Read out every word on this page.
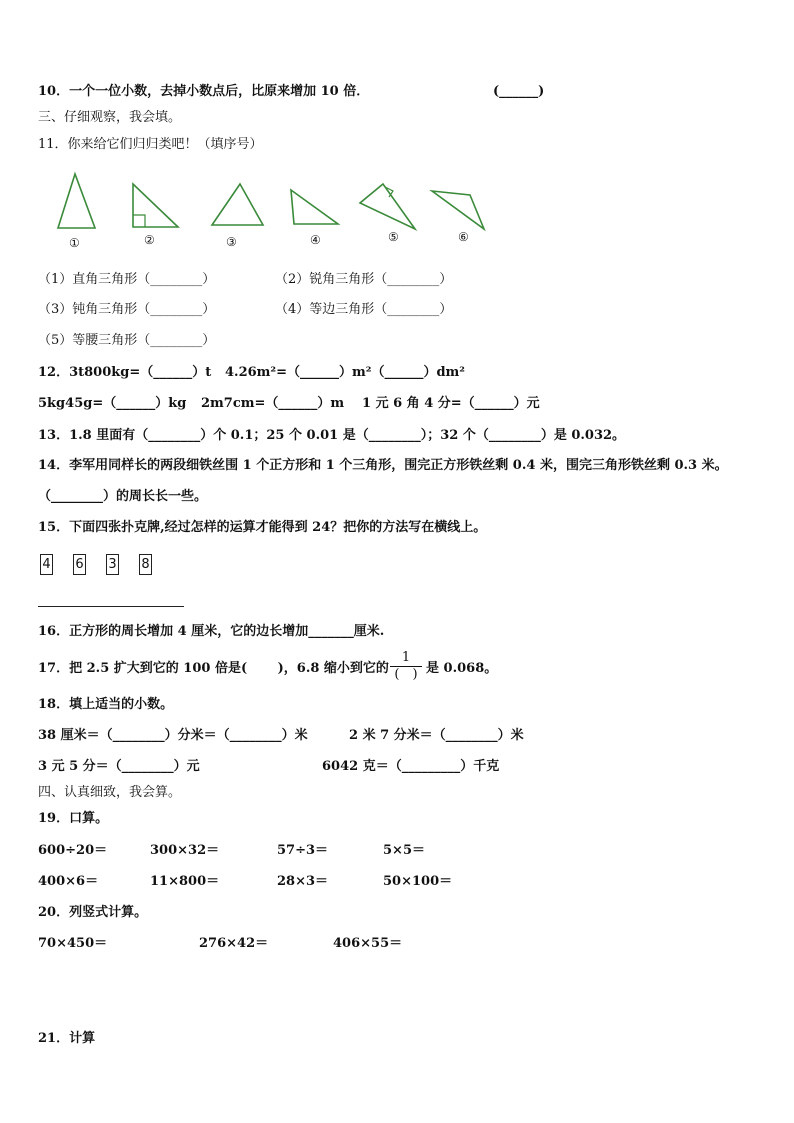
10．一个一位小数，去掉小数点后，比原来增加 10 倍．	(______)
三、仔细观察，我会填。
11．你来给它们归归类吧！（填序号）
①	②	③	④	⑤	⑥
（1）直角三角形（________）	（2）锐角三角形（________）
（3）钝角三角形（________）	（4）等边三角形（________）
（5）等腰三角形（________）
12．3t800kg=（______）t 4.26m²=（______）m²（______）dm²
5kg45g=（______）kg 2m7cm=（______）m 1 元 6 角 4 分=（______）元
13．1.8 里面有（________）个 0.1；25 个 0.01 是（________）；32 个（________）是 0.032。
14．李军用同样长的两段细铁丝围 1 个正方形和 1 个三角形，围完正方形铁丝剩 0.4 米，围完三角形铁丝剩 0.3 米。
（________）的周长长一些。
15．下面四张扑克牌,经过怎样的运算才能得到 24？把你的方法写在横线上。
4 6 3 8
16．正方形的周长增加 4 厘米，它的边长增加_______厘米.
17．把 2.5 扩大到它的 100 倍是(　　 )，6.8 缩小到它的
1
(　) 是 0.068。
18．填上适当的小数。
38 厘米＝（________）分米＝（________）米	2 米 7 分米＝（________）米
3 元 5 分＝（________）元	6042 克＝（_________）千克
四、认真细致，我会算。
19．口算。
600÷20＝	300×32＝	57÷3＝	5×5＝
400×6＝	11×800＝	28×3＝	50×100＝
20．列竖式计算。
70×450＝	276×42＝	406×55＝
21．计算
